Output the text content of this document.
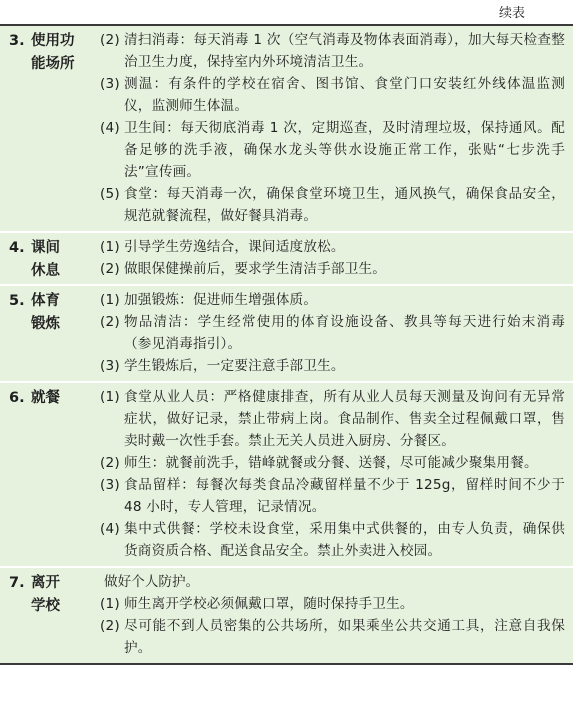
续表
3. 使用功
能场所
(2) 清扫消毒：每天消毒 1 次（空气消毒及物体表面消毒），加大每天检查整治卫生力度，保持室内外环境清洁卫生。
(3) 测温：有条件的学校在宿舍、图书馆、食堂门口安装红外线体温监测仪，监测师生体温。
(4) 卫生间：每天彻底消毒 1 次，定期巡查，及时清理垃圾，保持通风。配备足够的洗手液，确保水龙头等供水设施正常工作，张贴“七步洗手法”宣传画。
(5) 食堂：每天消毒一次，确保食堂环境卫生，通风换气，确保食品安全，规范就餐流程，做好餐具消毒。
4. 课间
休息
(1) 引导学生劳逸结合，课间适度放松。
(2) 做眼保健操前后，要求学生清洁手部卫生。
5. 体育
锻炼
(1) 加强锻炼：促进师生增强体质。
(2) 物品清洁：学生经常使用的体育设施设备、教具等每天进行始末消毒（参见消毒指引）。
(3) 学生锻炼后，一定要注意手部卫生。
6. 就餐	(1) 食堂从业人员：严格健康排查，所有从业人员每天测量及询问有无异常症状，做好记录，禁止带病上岗。食品制作、售卖全过程佩戴口罩，售卖时戴一次性手套。禁止无关人员进入厨房、分餐区。
(2) 师生：就餐前洗手，错峰就餐或分餐、送餐，尽可能减少聚集用餐。
(3) 食品留样：每餐次每类食品冷藏留样量不少于 125g，留样时间不少于 48 小时，专人管理，记录情况。
(4) 集中式供餐：学校未设食堂，采用集中式供餐的，由专人负责，确保供货商资质合格、配送食品安全。禁止外卖进入校园。
7. 离开
学校
做好个人防护。
(1) 师生离开学校必须佩戴口罩，随时保持手卫生。
(2) 尽可能不到人员密集的公共场所，如果乘坐公共交通工具，注意自我保护。
